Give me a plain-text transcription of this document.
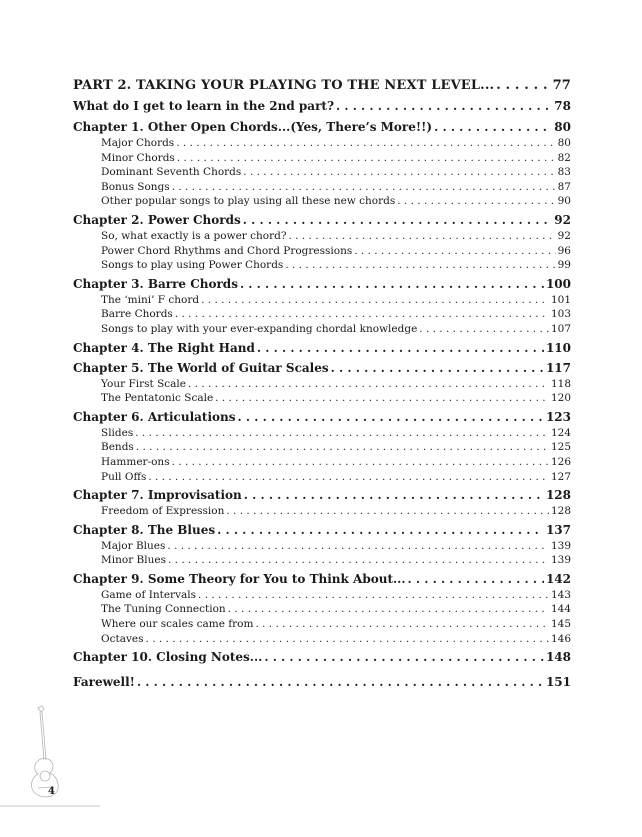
PART 2. TAKING YOUR PLAYING TO THE NEXT LEVEL... . . .	77
What do I get to learn in the 2nd part? . . .	78
Chapter 1. Other Open Chords...(Yes, There’s More!!) . . .	80
Major Chords . . .	80
Minor Chords . . .	82
Dominant Seventh Chords . . .	83
Bonus Songs . . .	87
Other popular songs to play using all these new chords . . .	90
Chapter 2. Power Chords . . .	92
So, what exactly is a power chord? . . .	92
Power Chord Rhythms and Chord Progressions . . .	96
Songs to play using Power Chords . . .	99
Chapter 3. Barre Chords . . .	100
The ‘mini’ F chord . . .	101
Barre Chords . . .	103
Songs to play with your ever-expanding chordal knowledge . . .	107
Chapter 4. The Right Hand . . .	110
Chapter 5. The World of Guitar Scales . . .	117
Your First Scale . . .	118
The Pentatonic Scale . . .	120
Chapter 6. Articulations . . .	123
Slides . . .	124
Bends . . .	125
Hammer-ons . . .	126
Pull Offs . . .	127
Chapter 7. Improvisation . . .	128
Freedom of Expression . . .	128
Chapter 8. The Blues . . .	137
Major Blues . . .	139
Minor Blues . . .	139
Chapter 9. Some Theory for You to Think About... . . .	142
Game of Intervals . . .	143
The Tuning Connection . . .	144
Where our scales came from . . .	145
Octaves . . .	146
Chapter 10. Closing Notes... . . .	148
Farewell! . . .	151
4
